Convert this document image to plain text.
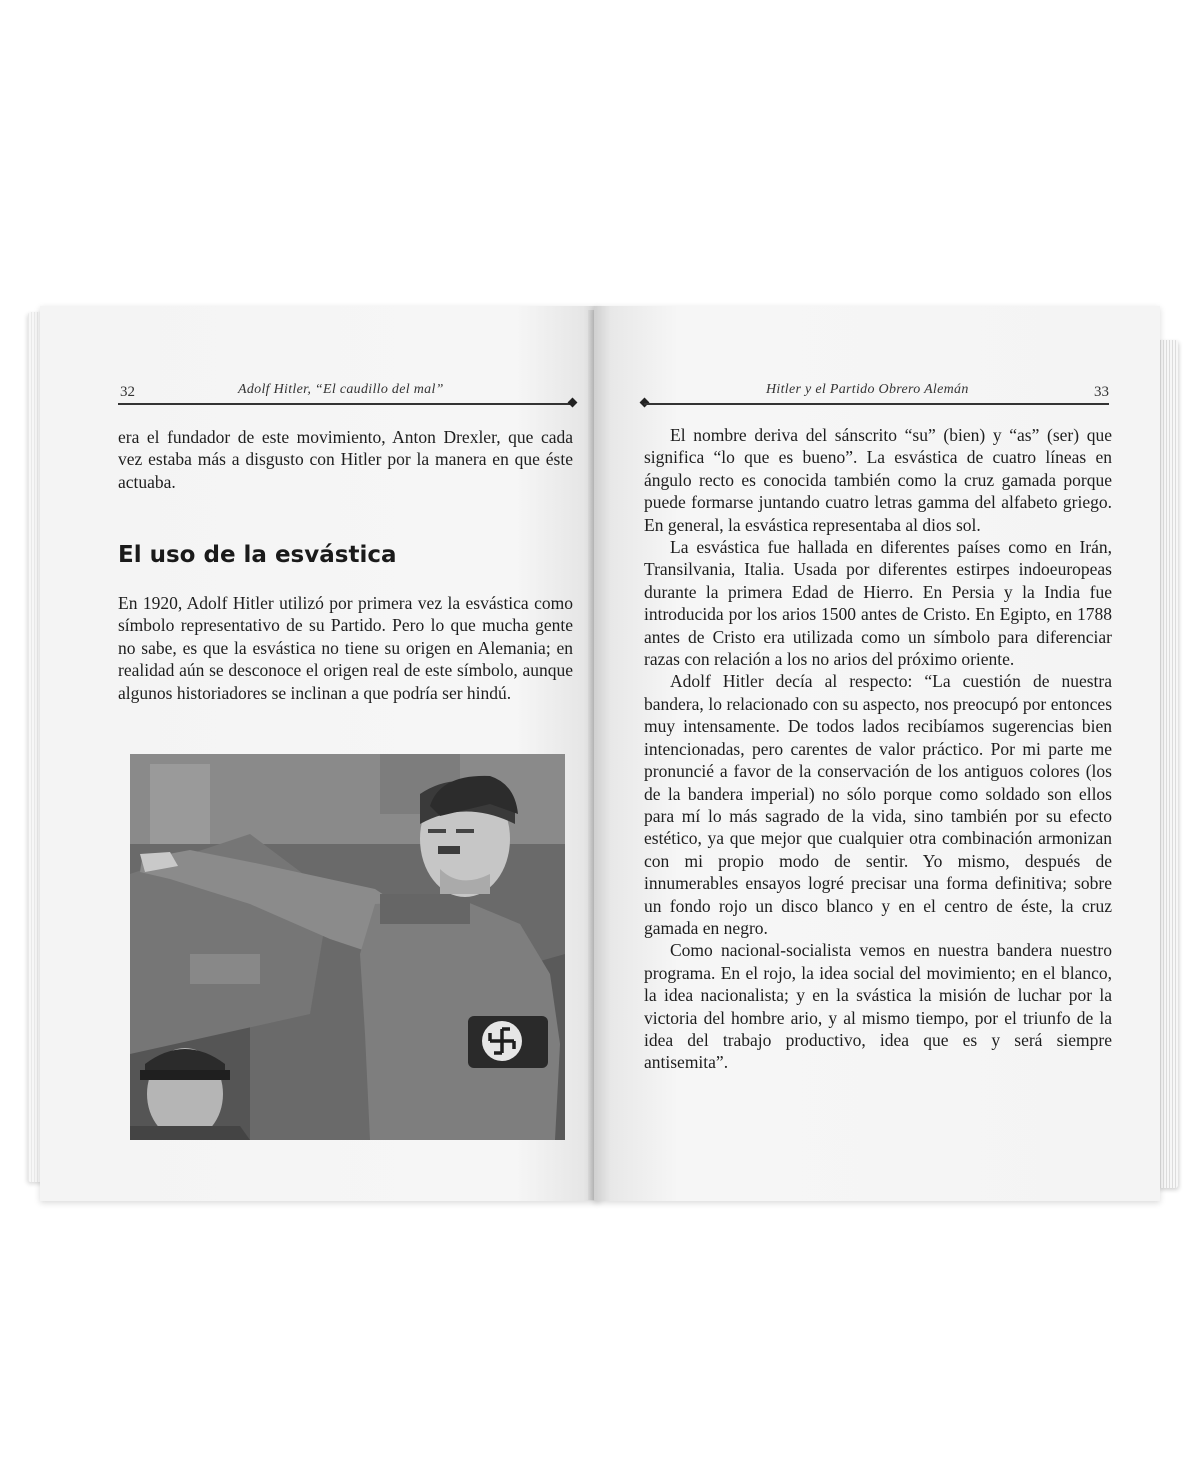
32	Adolf Hitler, “El caudillo del mal”

era el fundador de este movimiento, Anton Drexler, que cada vez estaba más a disgusto con Hitler por la manera en que éste actuaba.

El uso de la esvástica

En 1920, Adolf Hitler utilizó por primera vez la esvástica como símbolo representativo de su Partido. Pero lo que mucha gente no sabe, es que la esvástica no tiene su origen en Alemania; en realidad aún se desconoce el origen real de este símbolo, aunque algunos historiadores se inclinan a que podría ser hindú.

Hitler y el Partido Obrero Alemán	33

El nombre deriva del sánscrito “su” (bien) y “as” (ser) que significa “lo que es bueno”. La esvástica de cuatro líneas en ángulo recto es conocida también como la cruz gamada porque puede formarse juntando cuatro letras gamma del alfabeto griego. En general, la esvástica representaba al dios sol.

La esvástica fue hallada en diferentes países como en Irán, Transilvania, Italia. Usada por diferentes estirpes indoeuropeas durante la primera Edad de Hierro. En Persia y la India fue introducida por los arios 1500 antes de Cristo. En Egipto, en 1788 antes de Cristo era utilizada como un símbolo para diferenciar razas con relación a los no arios del próximo oriente.

Adolf Hitler decía al respecto: “La cuestión de nuestra bandera, lo relacionado con su aspecto, nos preocupó por entonces muy intensamente. De todos lados recibíamos sugerencias bien intencionadas, pero carentes de valor práctico. Por mi parte me pronuncié a favor de la conservación de los antiguos colores (los de la bandera imperial) no sólo porque como soldado son ellos para mí lo más sagrado de la vida, sino también por su efecto estético, ya que mejor que cualquier otra combinación armonizan con mi propio modo de sentir. Yo mismo, después de innumerables ensayos logré precisar una forma definitiva; sobre un fondo rojo un disco blanco y en el centro de éste, la cruz gamada en negro.

Como nacional-socialista vemos en nuestra bandera nuestro programa. En el rojo, la idea social del movimiento; en el blanco, la idea nacionalista; y en la svástica la misión de luchar por la victoria del hombre ario, y al mismo tiempo, por el triunfo de la idea del trabajo productivo, idea que es y será siempre antisemita”.
